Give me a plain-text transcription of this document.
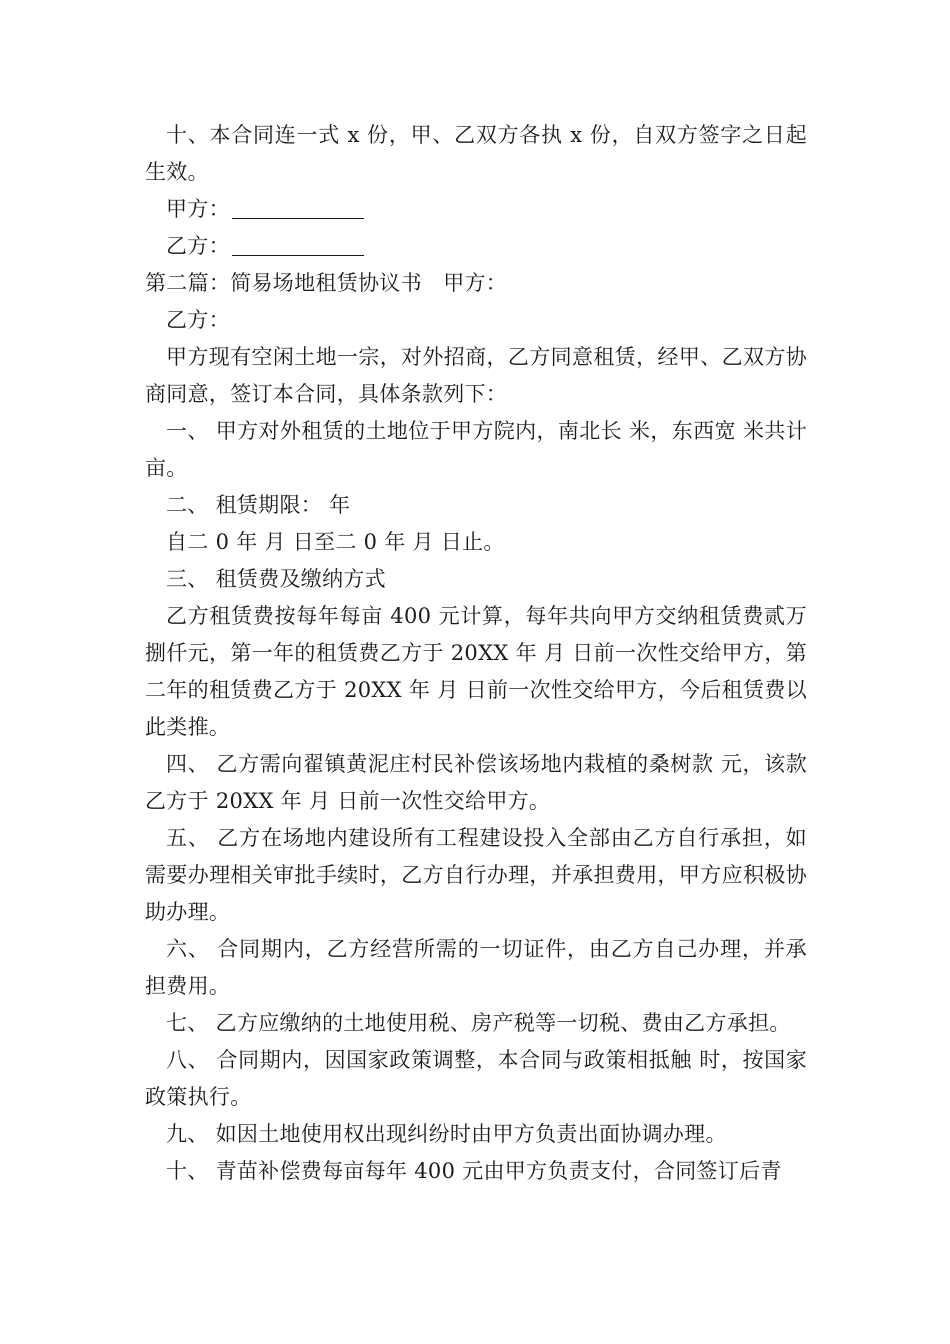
十、本合同连一式 x 份，甲、乙双方各执 x 份，自双方签字之日起生效。

甲方：

乙方：

第二篇：简易场地租赁协议书　甲方：

乙方：

甲方现有空闲土地一宗，对外招商，乙方同意租赁，经甲、乙双方协商同意，签订本合同，具体条款列下：

一、 甲方对外租赁的土地位于甲方院内，南北长 米，东西宽 米共计 亩。

二、 租赁期限： 年

自二 0 年 月 日至二 0 年 月 日止。

三、 租赁费及缴纳方式

乙方租赁费按每年每亩 400 元计算，每年共向甲方交纳租赁费贰万捌仟元，第一年的租赁费乙方于 20XX 年 月 日前一次性交给甲方，第二年的租赁费乙方于 20XX 年 月 日前一次性交给甲方，今后租赁费以此类推。

四、 乙方需向翟镇黄泥庄村民补偿该场地内栽植的桑树款 元，该款乙方于 20XX 年 月 日前一次性交给甲方。

五、 乙方在场地内建设所有工程建设投入全部由乙方自行承担，如需要办理相关审批手续时，乙方自行办理，并承担费用，甲方应积极协助办理。

六、 合同期内，乙方经营所需的一切证件，由乙方自己办理，并承担费用。

七、 乙方应缴纳的土地使用税、房产税等一切税、费由乙方承担。

八、 合同期内，因国家政策调整，本合同与政策相抵触 时，按国家政策执行。

九、 如因土地使用权出现纠纷时由甲方负责出面协调办理。

十、 青苗补偿费每亩每年 400 元由甲方负责支付，合同签订后青
